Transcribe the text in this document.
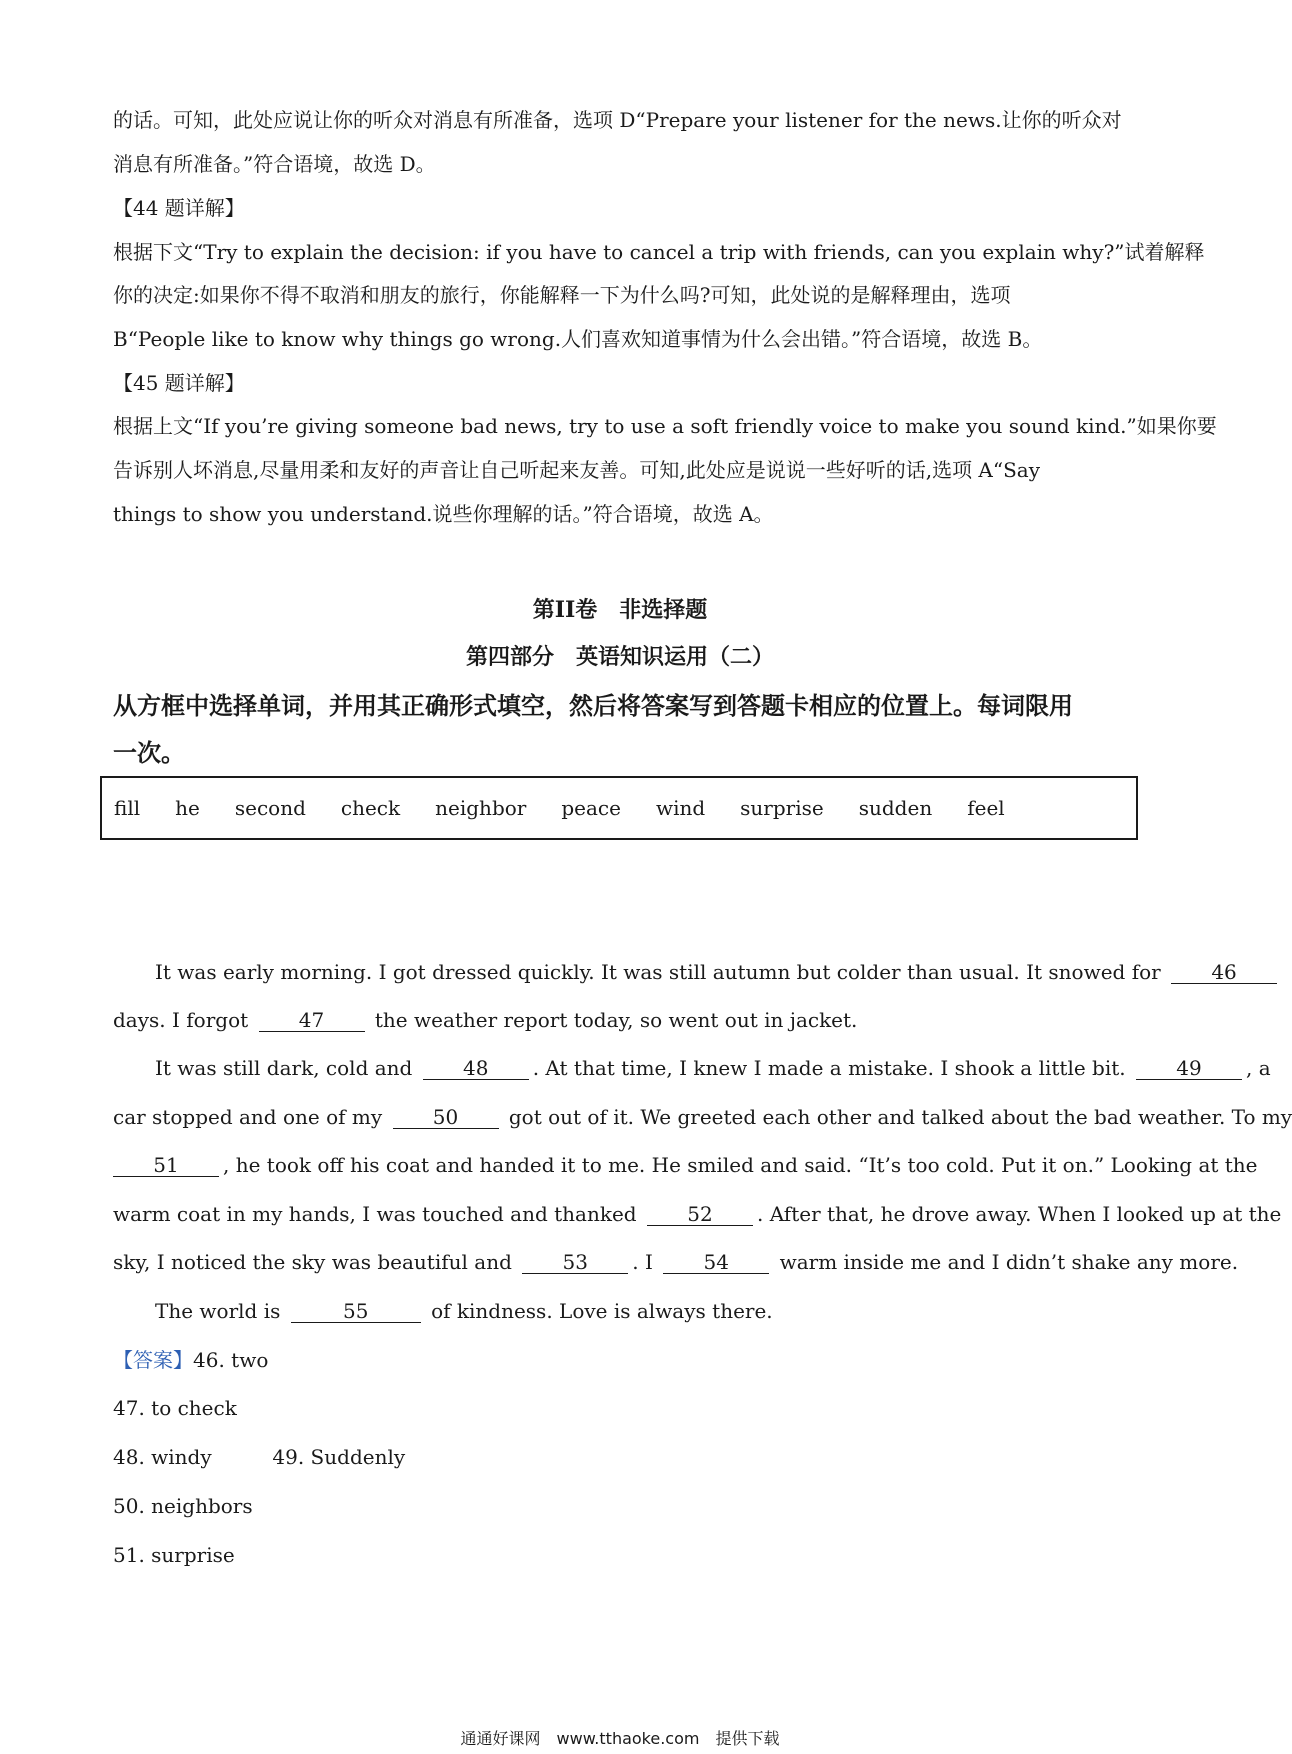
的话。可知，此处应说让你的听众对消息有所准备，选项 D“Prepare your listener for the news.让你的听众对
消息有所准备。”符合语境，故选 D。
【44 题详解】
根据下文“Try to explain the decision: if you have to cancel a trip with friends, can you explain why?”试着解释
你的决定:如果你不得不取消和朋友的旅行，你能解释一下为什么吗?可知，此处说的是解释理由，选项
B“People like to know why things go wrong.人们喜欢知道事情为什么会出错。”符合语境，故选 B。
【45 题详解】
根据上文“If you’re giving someone bad news, try to use a soft friendly voice to make you sound kind.”如果你要
告诉别人坏消息,尽量用柔和友好的声音让自己听起来友善。可知,此处应是说说一些好听的话,选项 A“Say
things to show you understand.说些你理解的话。”符合语境，故选 A。
第II卷　非选择题
第四部分　英语知识运用（二）
从方框中选择单词，并用其正确形式填空，然后将答案写到答题卡相应的位置上。每词限用
一次。
fill he second check neighbor peace wind surprise sudden feel
It was early morning. I got dressed quickly. It was still autumn but colder than usual. It snowed for	46
days. I forgot	47	the weather report today, so went out in jacket.
It was still dark, cold and	48 . At that time, I knew I made a mistake. I shook a little bit.	49 , a
car stopped and one of my	50	got out of it. We greeted each other and talked about the bad weather. To my
51 , he took off his coat and handed it to me. He smiled and said. “It’s too cold. Put it on.” Looking at the
warm coat in my hands, I was touched and thanked	52 . After that, he drove away. When I looked up at the
sky, I noticed the sky was beautiful and	53 . I	54	warm inside me and I didn’t shake any more.
The world is	55	of kindness. Love is always there.
【答案】46. two
47. to check
48. windy	49. Suddenly
50. neighbors
51. surprise
通通好课网　www.tthaoke.com　提供下载
